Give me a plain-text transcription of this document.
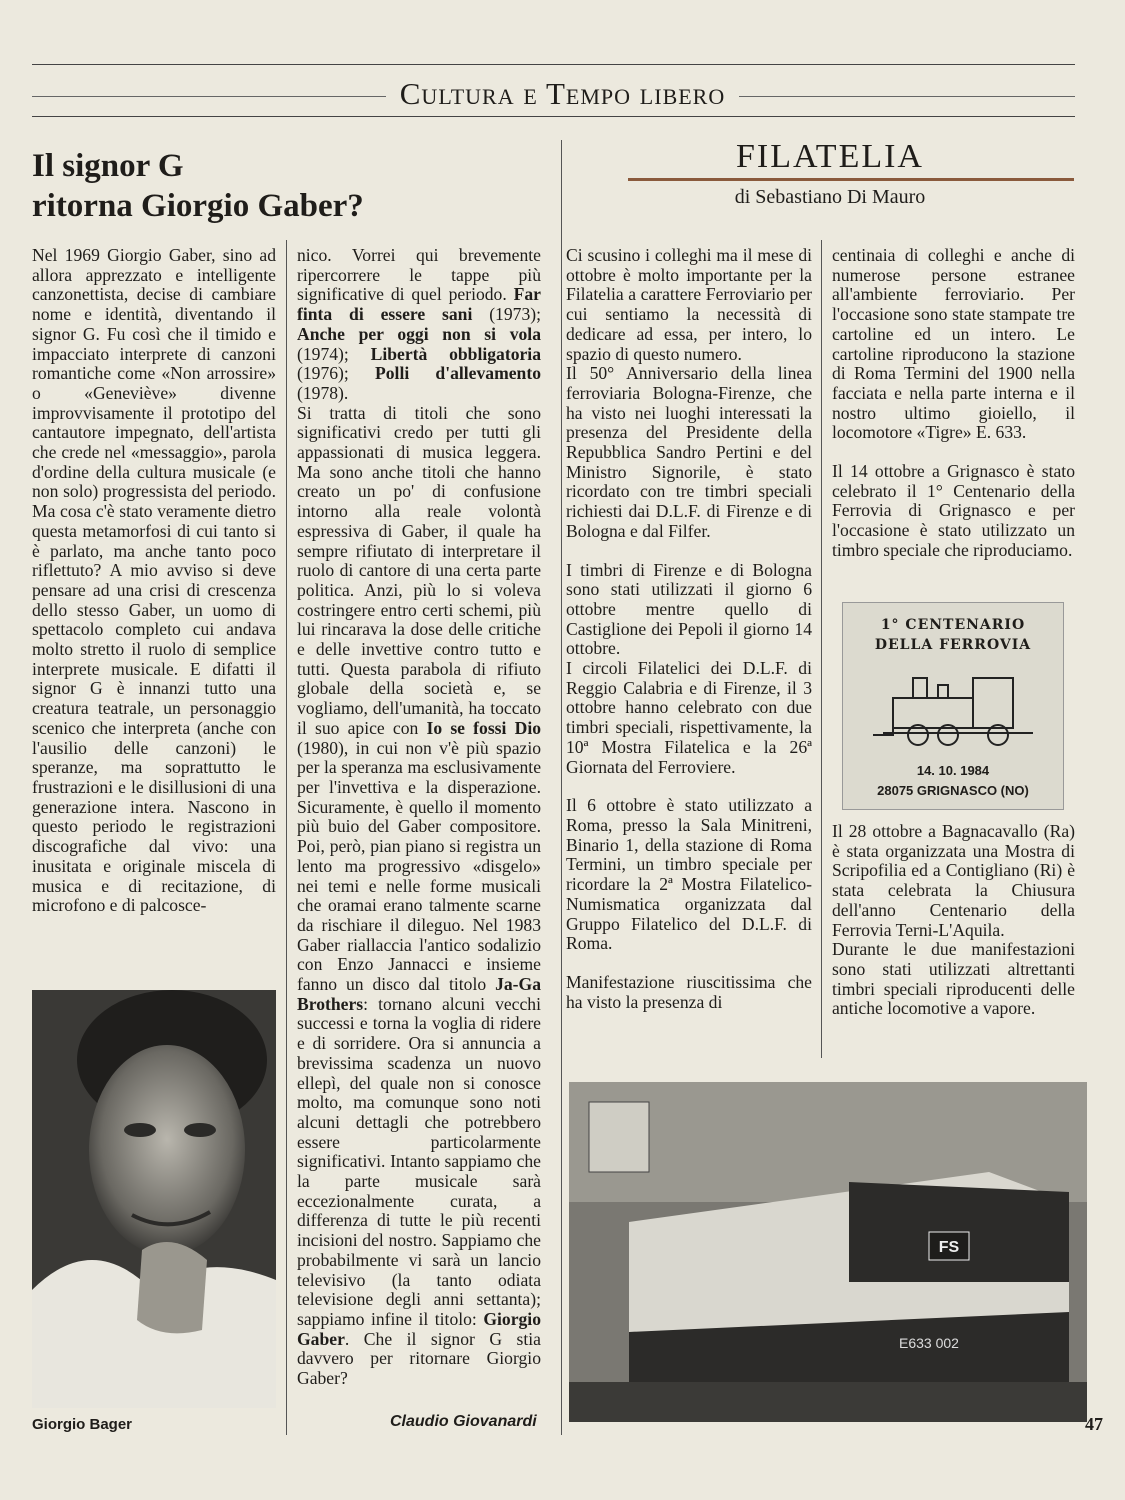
Cultura e Tempo libero
Il signor G
ritorna Giorgio Gaber?
FILATELIA
di Sebastiano Di Mauro

Nel 1969 Giorgio Gaber, sino ad allora apprezzato e intelligente canzonettista, decise di cambiare nome e identità, diventando il signor G. Fu così che il timido e impacciato interprete di canzoni romantiche come «Non arrossire» o «Geneviève» divenne improvvisamente il prototipo del cantautore impegnato, dell'artista che crede nel «messaggio», parola d'ordine della cultura musicale (e non solo) progressista del periodo. Ma cosa c'è stato veramente dietro questa metamorfosi di cui tanto si è parlato, ma anche tanto poco riflettuto? A mio avviso si deve pensare ad una crisi di crescenza dello stesso Gaber, un uomo di spettacolo completo cui andava molto stretto il ruolo di semplice interprete musicale. E difatti il signor G è innanzi tutto una creatura teatrale, un personaggio scenico che interpreta (anche con l'ausilio delle canzoni) le speranze, ma soprattutto le frustrazioni e le disillusioni di una generazione intera. Nascono in questo periodo le registrazioni discografiche dal vivo: una inusitata e originale miscela di musica e di recitazione, di microfono e di palcosce-

Giorgio Bager

nico. Vorrei qui brevemente ripercorrere le tappe più significative di quel periodo. Far finta di essere sani (1973); Anche per oggi non si vola (1974); Libertà obbligatoria (1976); Polli d'allevamento (1978).

Si tratta di titoli che sono significativi credo per tutti gli appassionati di musica leggera. Ma sono anche titoli che hanno creato un po' di confusione intorno alla reale volontà espressiva di Gaber, il quale ha sempre rifiutato di interpretare il ruolo di cantore di una certa parte politica. Anzi, più lo si voleva costringere entro certi schemi, più lui rincarava la dose delle critiche e delle invettive contro tutto e tutti. Questa parabola di rifiuto globale della società e, se vogliamo, dell'umanità, ha toccato il suo apice con Io se fossi Dio (1980), in cui non v'è più spazio per la speranza ma esclusivamente per l'invettiva e la disperazione. Sicuramente, è quello il momento più buio del Gaber compositore. Poi, però, pian piano si registra un lento ma progressivo «disgelo» nei temi e nelle forme musicali che oramai erano talmente scarne da rischiare il dileguo. Nel 1983 Gaber riallaccia l'antico sodalizio con Enzo Jannacci e insieme fanno un disco dal titolo Ja-Ga Brothers: tornano alcuni vecchi successi e torna la voglia di ridere e di sorridere. Ora si annuncia a brevissima scadenza un nuovo ellepì, del quale non si conosce molto, ma comunque sono noti alcuni dettagli che potrebbero essere particolarmente significativi. Intanto sappiamo che la parte musicale sarà eccezionalmente curata, a differenza di tutte le più recenti incisioni del nostro. Sappiamo che probabilmente vi sarà un lancio televisivo (la tanto odiata televisione degli anni settanta); sappiamo infine il titolo: Giorgio Gaber. Che il signor G stia davvero per ritornare Giorgio Gaber?

Claudio Giovanardi

Ci scusino i colleghi ma il mese di ottobre è molto importante per la Filatelia a carattere Ferroviario per cui sentiamo la necessità di dedicare ad essa, per intero, lo spazio di questo numero.

Il 50° Anniversario della linea ferroviaria Bologna-Firenze, che ha visto nei luoghi interessati la presenza del Presidente della Repubblica Sandro Pertini e del Ministro Signorile, è stato ricordato con tre timbri speciali richiesti dai D.L.F. di Firenze e di Bologna e dal Filfer.

I timbri di Firenze e di Bologna sono stati utilizzati il giorno 6 ottobre mentre quello di Castiglione dei Pepoli il giorno 14 ottobre.

I circoli Filatelici dei D.L.F. di Reggio Calabria e di Firenze, il 3 ottobre hanno celebrato con due timbri speciali, rispettivamente, la 10ª Mostra Filatelica e la 26ª Giornata del Ferroviere.

Il 6 ottobre è stato utilizzato a Roma, presso la Sala Minitreni, Binario 1, della stazione di Roma Termini, un timbro speciale per ricordare la 2ª Mostra Filatelico-Numismatica organizzata dal Gruppo Filatelico del D.L.F. di Roma.

Manifestazione riuscitissima che ha visto la presenza di

centinaia di colleghi e anche di numerose persone estranee all'ambiente ferroviario. Per l'occasione sono state stampate tre cartoline ed un intero. Le cartoline riproducono la stazione di Roma Termini del 1900 nella facciata e nella parte interna e il nostro ultimo gioiello, il locomotore «Tigre» E. 633.

Il 14 ottobre a Grignasco è stato celebrato il 1° Centenario della Ferrovia di Grignasco e per l'occasione è stato utilizzato un timbro speciale che riproduciamo.

1° CENTENARIO
DELLA FERROVIA
14. 10. 1984
28075 GRIGNASCO (NO)

Il 28 ottobre a Bagnacavallo (Ra) è stata organizzata una Mostra di Scripofilia ed a Contigliano (Ri) è stata celebrata la Chiusura dell'anno Centenario della Ferrovia Terni-L'Aquila.

Durante le due manifestazioni sono stati utilizzati altrettanti timbri speciali riproducenti delle antiche locomotive a vapore.

FS
E633 002
47
